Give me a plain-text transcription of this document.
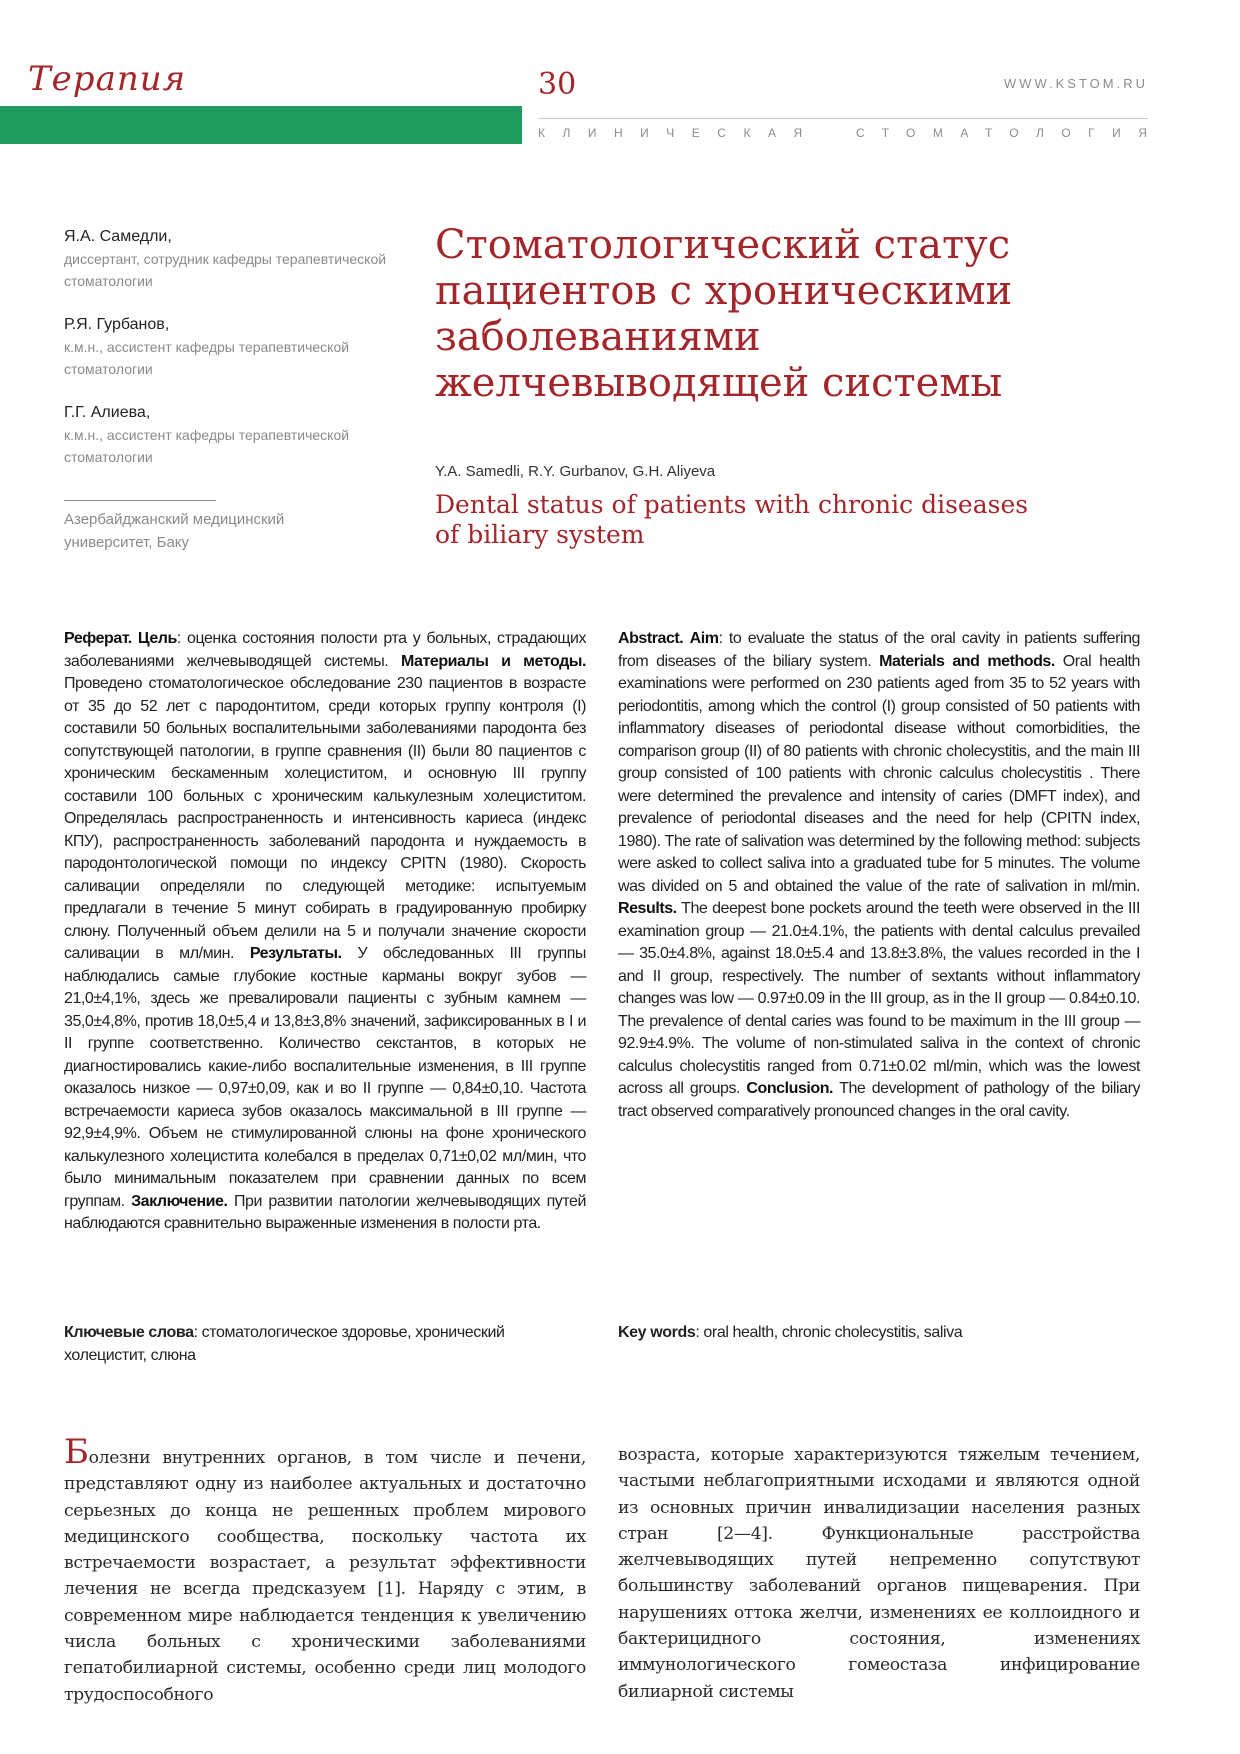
Терапия	30	WWW.KSTOM.RU
КЛИНИЧЕСКАЯ	СТОМАТОЛОГИЯ
Я.А. Самедли,
диссертант, сотрудник кафедры терапевтической стоматологии
Р.Я. Гурбанов,
к.м.н., ассистент кафедры терапевтической стоматологии
Г.Г. Алиева,
к.м.н., ассистент кафедры терапевтической стоматологии
Азербайджанский медицинский университет, Баку
Стоматологический статус пациентов с хроническими заболеваниями желчевыводящей системы
Y.A. Samedli, R.Y. Gurbanov, G.H. Aliyeva
Dental status of patients with chronic diseases of biliary system
Реферат. Цель: оценка состояния полости рта у больных, страдающих заболеваниями желчевыводящей системы. Материалы и методы. Проведено стоматологическое обследование 230 пациентов в возрасте от 35 до 52 лет с пародонтитом, среди которых группу контроля (I) составили 50 больных воспалительными заболеваниями пародонта без сопутствующей патологии, в группе сравнения (II) были 80 пациентов с хроническим бескаменным холециститом, и основную III группу составили 100 больных с хроническим калькулезным холециститом. Определялась распространенность и интенсивность кариеса (индекс КПУ), распространенность заболеваний пародонта и нуждаемость в пародонтологической помощи по индексу CPITN (1980). Скорость саливации определяли по следующей методике: испытуемым предлагали в течение 5 минут собирать в градуированную пробирку слюну. Полученный объем делили на 5 и получали значение скорости саливации в мл/мин. Результаты. У обследованных III группы наблюдались самые глубокие костные карманы вокруг зубов — 21,0±4,1%, здесь же превалировали пациенты с зубным камнем — 35,0±4,8%, против 18,0±5,4 и 13,8±3,8% значений, зафиксированных в I и II группе соответственно. Количество секстантов, в которых не диагностировались какие-либо воспалительные изменения, в III группе оказалось низкое — 0,97±0,09, как и во II группе — 0,84±0,10. Частота встречаемости кариеса зубов оказалось максимальной в III группе — 92,9±4,9%. Объем не стимулированной слюны на фоне хронического калькулезного холецистита колебался в пределах 0,71±0,02 мл/мин, что было минимальным показателем при сравнении данных по всем группам. Заключение. При развитии патологии желчевыводящих путей наблюдаются сравнительно выраженные изменения в полости рта.
Abstract. Aim: to evaluate the status of the oral cavity in patients suffering from diseases of the biliary system. Materials and methods. Oral health examinations were performed on 230 patients aged from 35 to 52 years with periodontitis, among which the control (I) group consisted of 50 patients with inflammatory diseases of periodontal disease without comorbidities, the comparison group (II) of 80 patients with chronic cholecystitis, and the main III group consisted of 100 patients with chronic calculus cholecystitis . There were determined the prevalence and intensity of caries (DMFT index), and prevalence of periodontal diseases and the need for help (CPITN index, 1980). The rate of salivation was determined by the following method: subjects were asked to collect saliva into a graduated tube for 5 minutes. The volume was divided on 5 and obtained the value of the rate of salivation in ml/min. Results. The deepest bone pockets around the teeth were observed in the III examination group — 21.0±4.1%, the patients with dental calculus prevailed — 35.0±4.8%, against 18.0±5.4 and 13.8±3.8%, the values recorded in the I and II group, respectively. The number of sextants without inflammatory changes was low — 0.97±0.09 in the III group, as in the II group — 0.84±0.10. The prevalence of dental caries was found to be maximum in the III group — 92.9±4.9%. The volume of non-stimulated saliva in the context of chronic calculus cholecystitis ranged from 0.71±0.02 ml/min, which was the lowest across all groups. Conclusion. The development of pathology of the biliary tract observed comparatively pronounced changes in the oral cavity.
Ключевые слова: стоматологическое здоровье, хронический холецистит, слюна
Key words: oral health, chronic cholecystitis, saliva
Болезни внутренних органов, в том числе и печени, представляют одну из наиболее актуальных и достаточно серьезных до конца не решенных проблем мирового медицинского сообщества, поскольку частота их встречаемости возрастает, а результат эффективности лечения не всегда предсказуем [1]. Наряду с этим, в современном мире наблюдается тенденция к увеличению числа больных с хроническими заболеваниями гепатобилиарной системы, особенно среди лиц молодого трудоспособного
возраста, которые характеризуются тяжелым течением, частыми неблагоприятными исходами и являются одной из основных причин инвалидизации населения разных стран [2—4]. Функциональные расстройства желчевыводящих путей непременно сопутствуют большинству заболеваний органов пищеварения. При нарушениях оттока желчи, изменениях ее коллоидного и бактерицидного состояния, изменениях иммунологического гомеостаза инфицирование билиарной системы
